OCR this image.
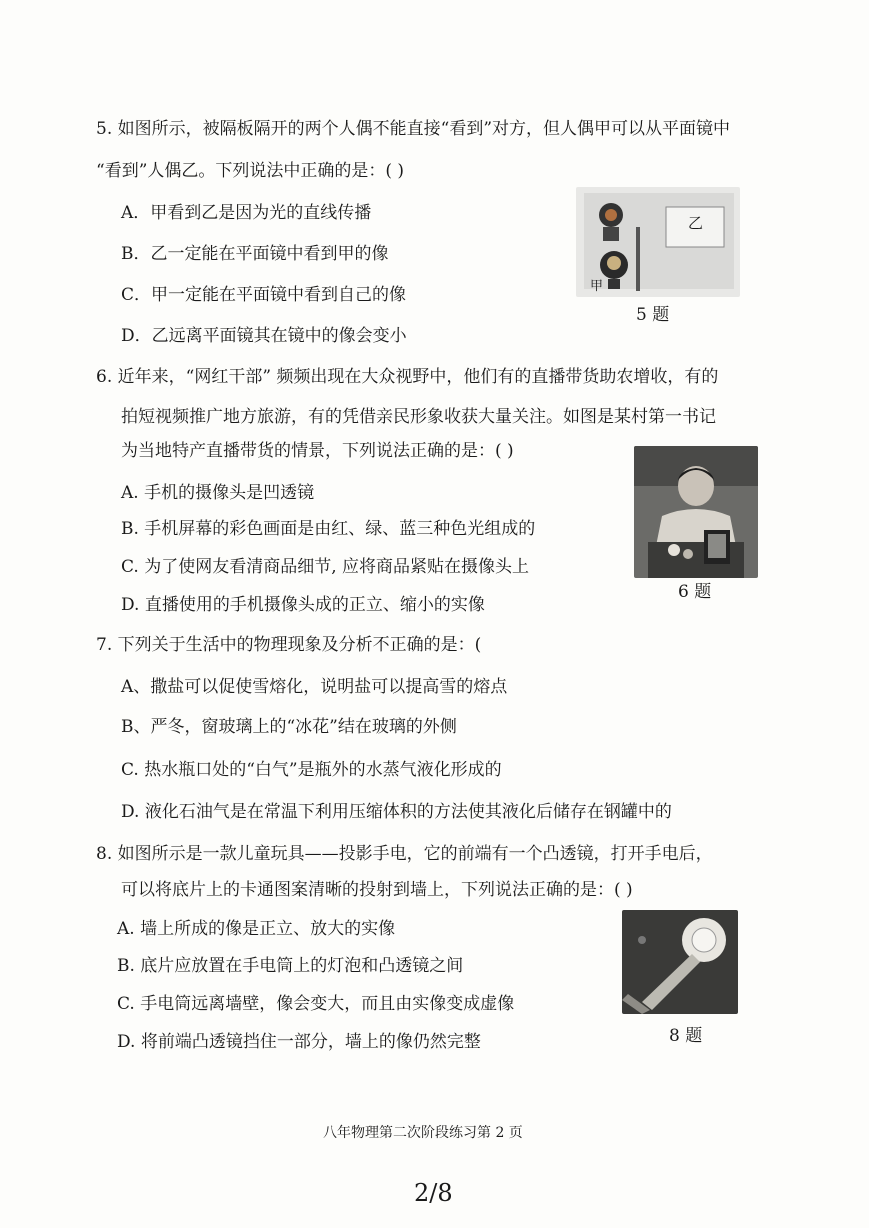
5. 如图所示，被隔板隔开的两个人偶不能直接“看到”对方，但人偶甲可以从平面镜中
“看到”人偶乙。下列说法中正确的是：( )
A．甲看到乙是因为光的直线传播
B．乙一定能在平面镜中看到甲的像
C．甲一定能在平面镜中看到自己的像
D．乙远离平面镜其在镜中的像会变小
乙
甲
5 题
6. 近年来，“网红干部” 频频出现在大众视野中，他们有的直播带货助农增收，有的
拍短视频推广地方旅游，有的凭借亲民形象收获大量关注。如图是某村第一书记
为当地特产直播带货的情景，下列说法正确的是：( )
A. 手机的摄像头是凹透镜
B. 手机屏幕的彩色画面是由红、绿、蓝三种色光组成的
C. 为了使网友看清商品细节, 应将商品紧贴在摄像头上
D. 直播使用的手机摄像头成的正立、缩小的实像
6 题
7. 下列关于生活中的物理现象及分析不正确的是：(
A、撒盐可以促使雪熔化，说明盐可以提高雪的熔点
B、严冬，窗玻璃上的“冰花”结在玻璃的外侧
C. 热水瓶口处的“白气”是瓶外的水蒸气液化形成的
D. 液化石油气是在常温下利用压缩体积的方法使其液化后储存在钢罐中的
8. 如图所示是一款儿童玩具——投影手电，它的前端有一个凸透镜，打开手电后，
可以将底片上的卡通图案清晰的投射到墙上，下列说法正确的是：( )
A. 墙上所成的像是正立、放大的实像
B. 底片应放置在手电筒上的灯泡和凸透镜之间
C. 手电筒远离墙壁，像会变大，而且由实像变成虚像
D. 将前端凸透镜挡住一部分，墙上的像仍然完整	8 题
八年物理第二次阶段练习第 2 页
2/8
